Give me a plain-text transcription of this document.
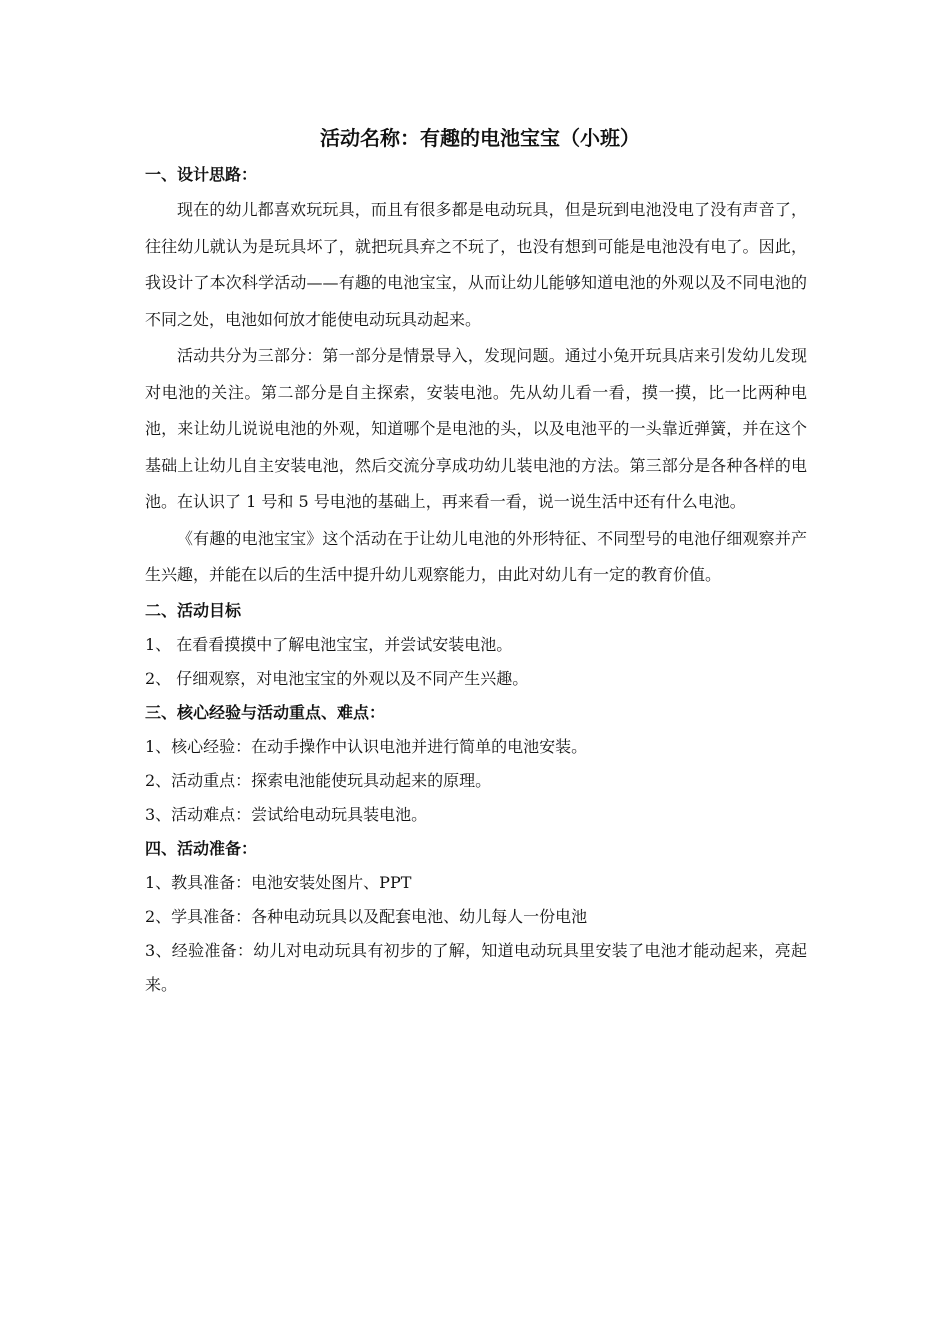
活动名称：有趣的电池宝宝（小班）
一、设计思路：

现在的幼儿都喜欢玩玩具，而且有很多都是电动玩具，但是玩到电池没电了没有声音了，往往幼儿就认为是玩具坏了，就把玩具弃之不玩了，也没有想到可能是电池没有电了。因此，我设计了本次科学活动——有趣的电池宝宝，从而让幼儿能够知道电池的外观以及不同电池的不同之处，电池如何放才能使电动玩具动起来。

活动共分为三部分：第一部分是情景导入，发现问题。通过小兔开玩具店来引发幼儿发现对电池的关注。第二部分是自主探索，安装电池。先从幼儿看一看，摸一摸，比一比两种电池，来让幼儿说说电池的外观，知道哪个是电池的头，以及电池平的一头靠近弹簧，并在这个基础上让幼儿自主安装电池，然后交流分享成功幼儿装电池的方法。第三部分是各种各样的电池。在认识了 1 号和 5 号电池的基础上，再来看一看，说一说生活中还有什么电池。

《有趣的电池宝宝》这个活动在于让幼儿电池的外形特征、不同型号的电池仔细观察并产生兴趣，并能在以后的生活中提升幼儿观察能力，由此对幼儿有一定的教育价值。

二、活动目标

1、 在看看摸摸中了解电池宝宝，并尝试安装电池。

2、 仔细观察，对电池宝宝的外观以及不同产生兴趣。

三、核心经验与活动重点、难点：

1、核心经验：在动手操作中认识电池并进行简单的电池安装。

2、活动重点：探索电池能使玩具动起来的原理。

3、活动难点：尝试给电动玩具装电池。

四、活动准备：

1、教具准备：电池安装处图片、PPT

2、学具准备：各种电动玩具以及配套电池、幼儿每人一份电池

3、经验准备：幼儿对电动玩具有初步的了解，知道电动玩具里安装了电池才能动起来，亮起来。
